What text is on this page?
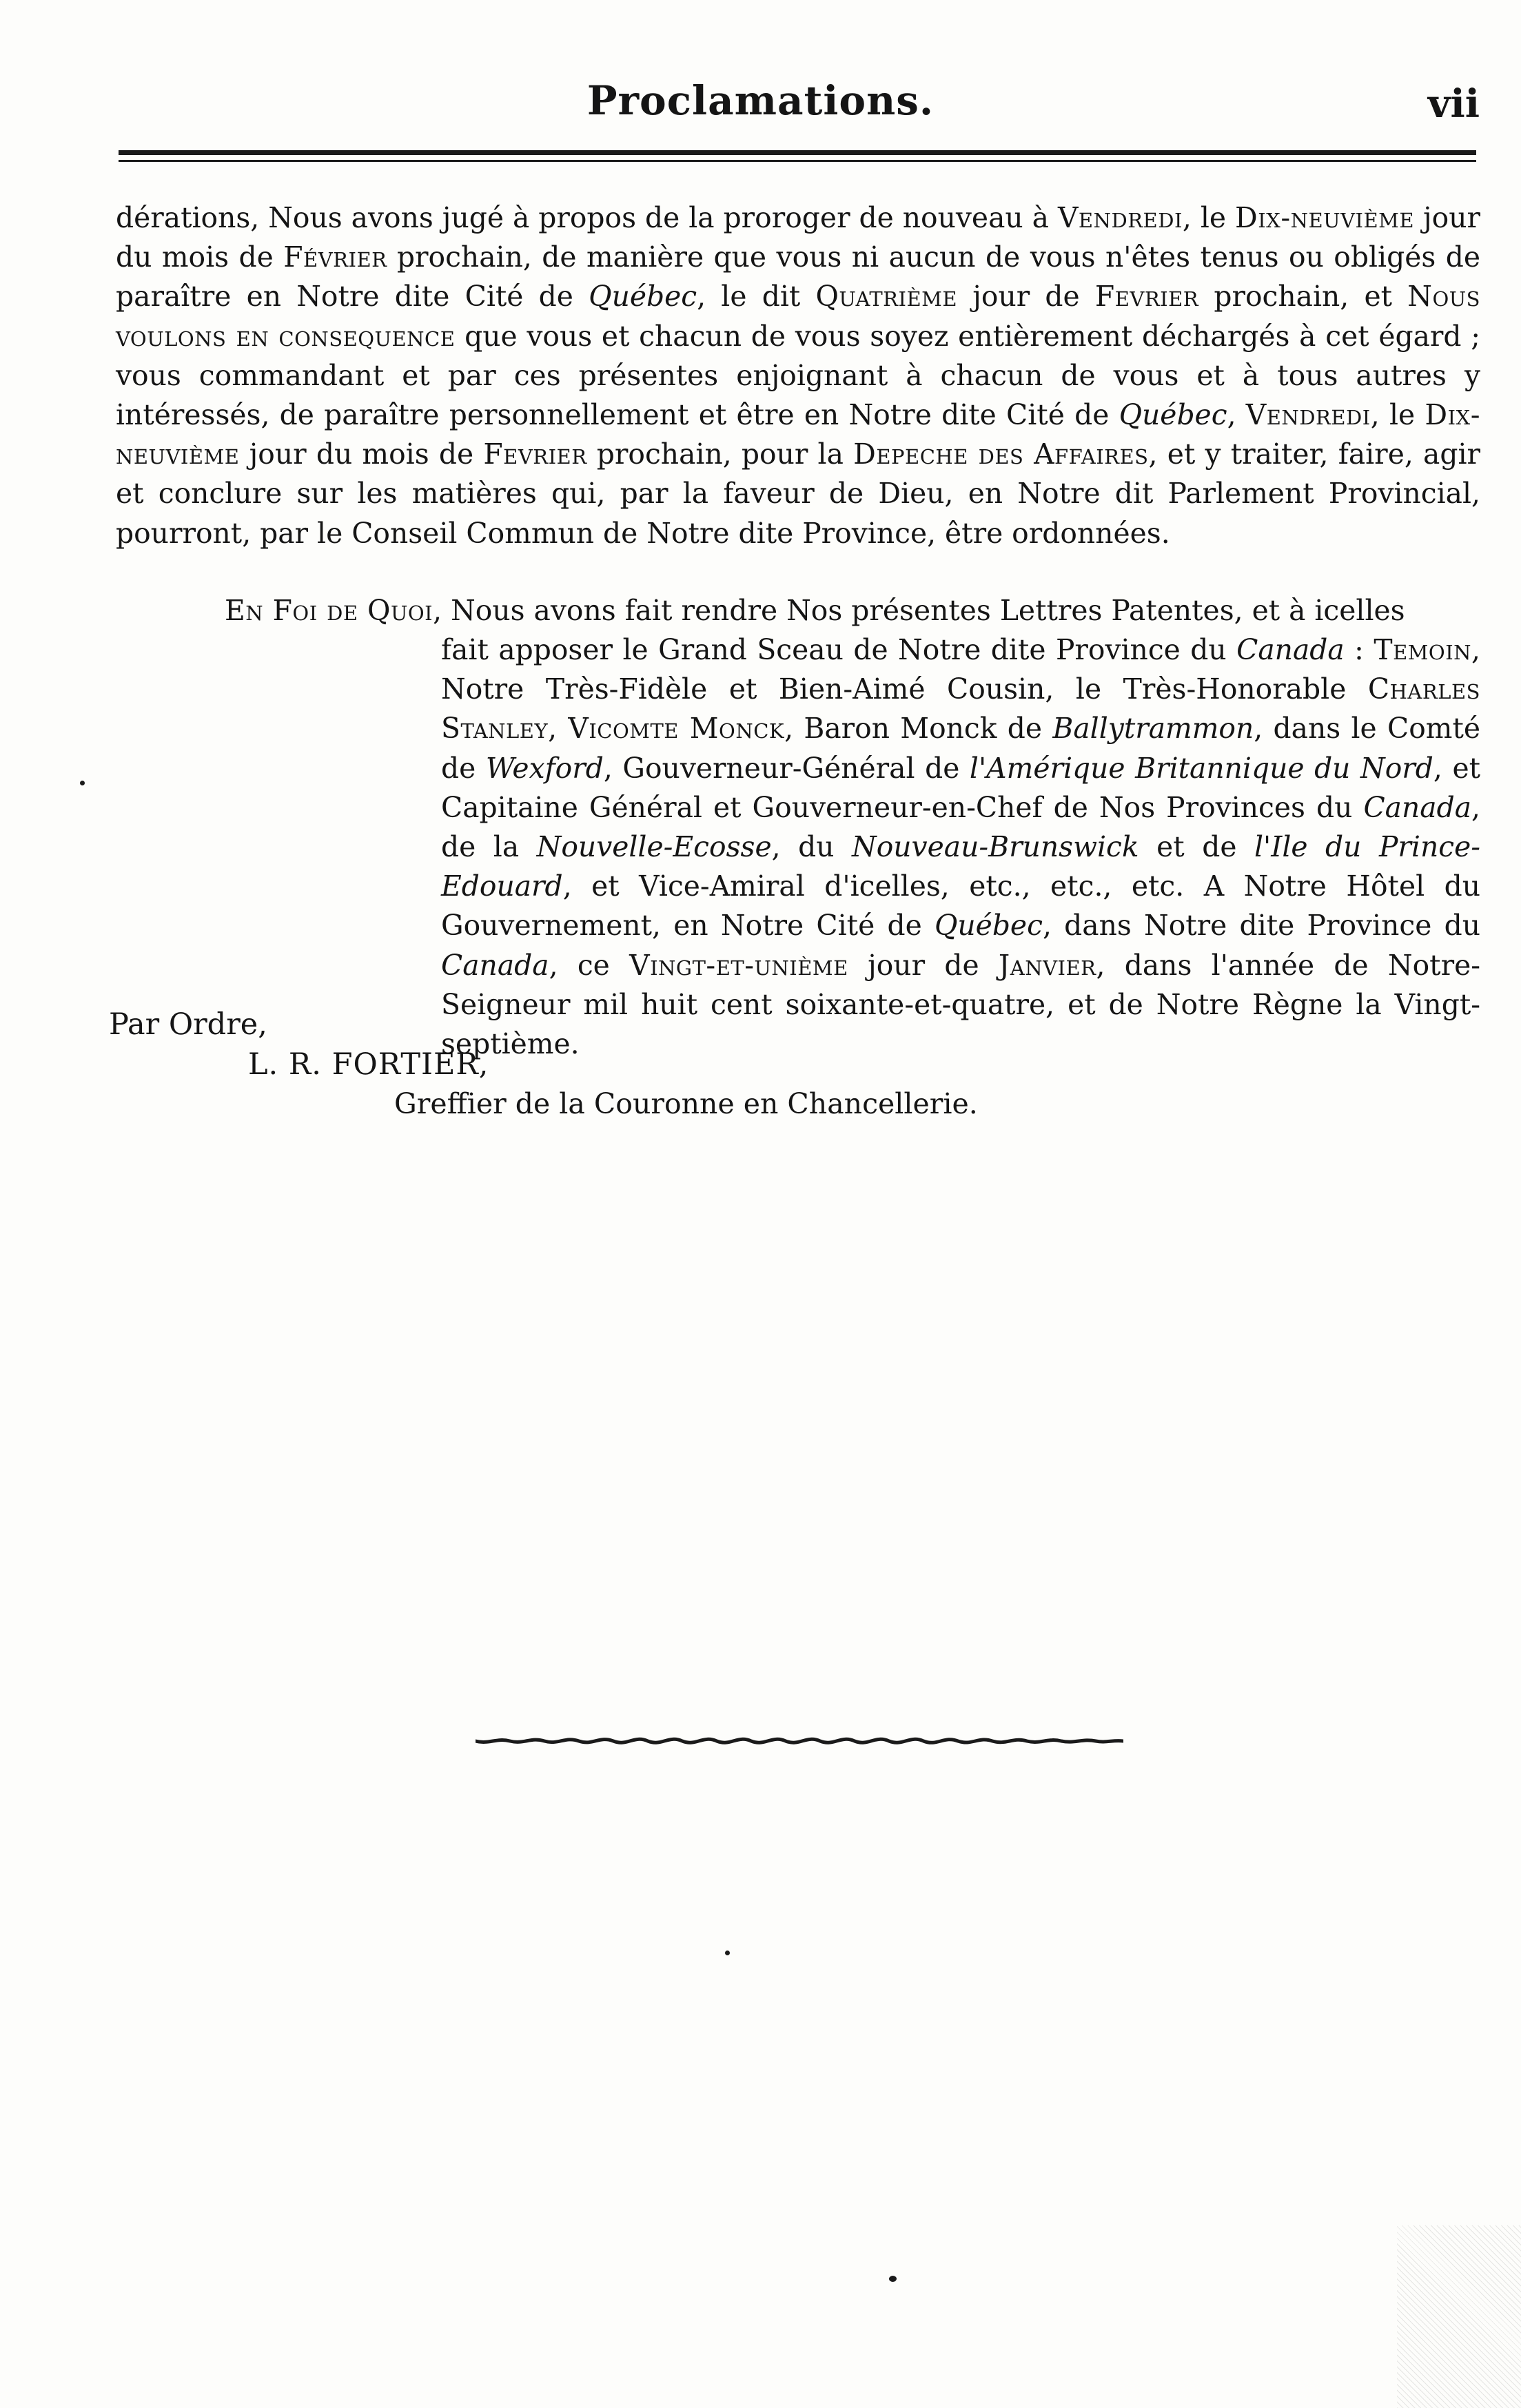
Proclamations.	vii

dérations, Nous avons jugé à propos de la proroger de nouveau à Vendredi, le Dix-neuvième jour du mois de Février prochain, de manière que vous ni aucun de vous n'êtes tenus ou obligés de paraître en Notre dite Cité de Québec, le dit Quatrième jour de Fevrier prochain, et Nous voulons en consequence que vous et chacun de vous soyez entièrement déchargés à cet égard ; vous commandant et par ces présentes enjoignant à chacun de vous et à tous autres y intéressés, de paraître personnellement et être en Notre dite Cité de Québec, Vendredi, le Dix-neuvième jour du mois de Fevrier prochain, pour la Depeche des Affaires, et y traiter, faire, agir et conclure sur les matières qui, par la faveur de Dieu, en Notre dit Parlement Provincial, pourront, par le Conseil Commun de Notre dite Province, être ordonnées.

En Foi de Quoi, Nous avons fait rendre Nos présentes Lettres Patentes, et à icelles

fait apposer le Grand Sceau de Notre dite Province du Canada : Temoin, Notre Très-Fidèle et Bien-Aimé Cousin, le Très-Honorable Charles Stanley, Vicomte Monck, Baron Monck de Ballytrammon, dans le Comté de Wexford, Gouverneur-Général de l'Amérique Britannique du Nord, et Capitaine Général et Gouverneur-en-Chef de Nos Provinces du Canada, de la Nouvelle-Ecosse, du Nouveau-Brunswick et de l'Ile du Prince-Edouard, et Vice-Amiral d'icelles, etc., etc., etc. A Notre Hôtel du Gouvernement, en Notre Cité de Québec, dans Notre dite Province du Canada, ce Vingt-et-unième jour de Janvier, dans l'année de Notre-Seigneur mil huit cent soixante-et-quatre, et de Notre Règne la Vingt-septième.

Par Ordre,

L. R. FORTIER,

Greffier de la Couronne en Chancellerie.
